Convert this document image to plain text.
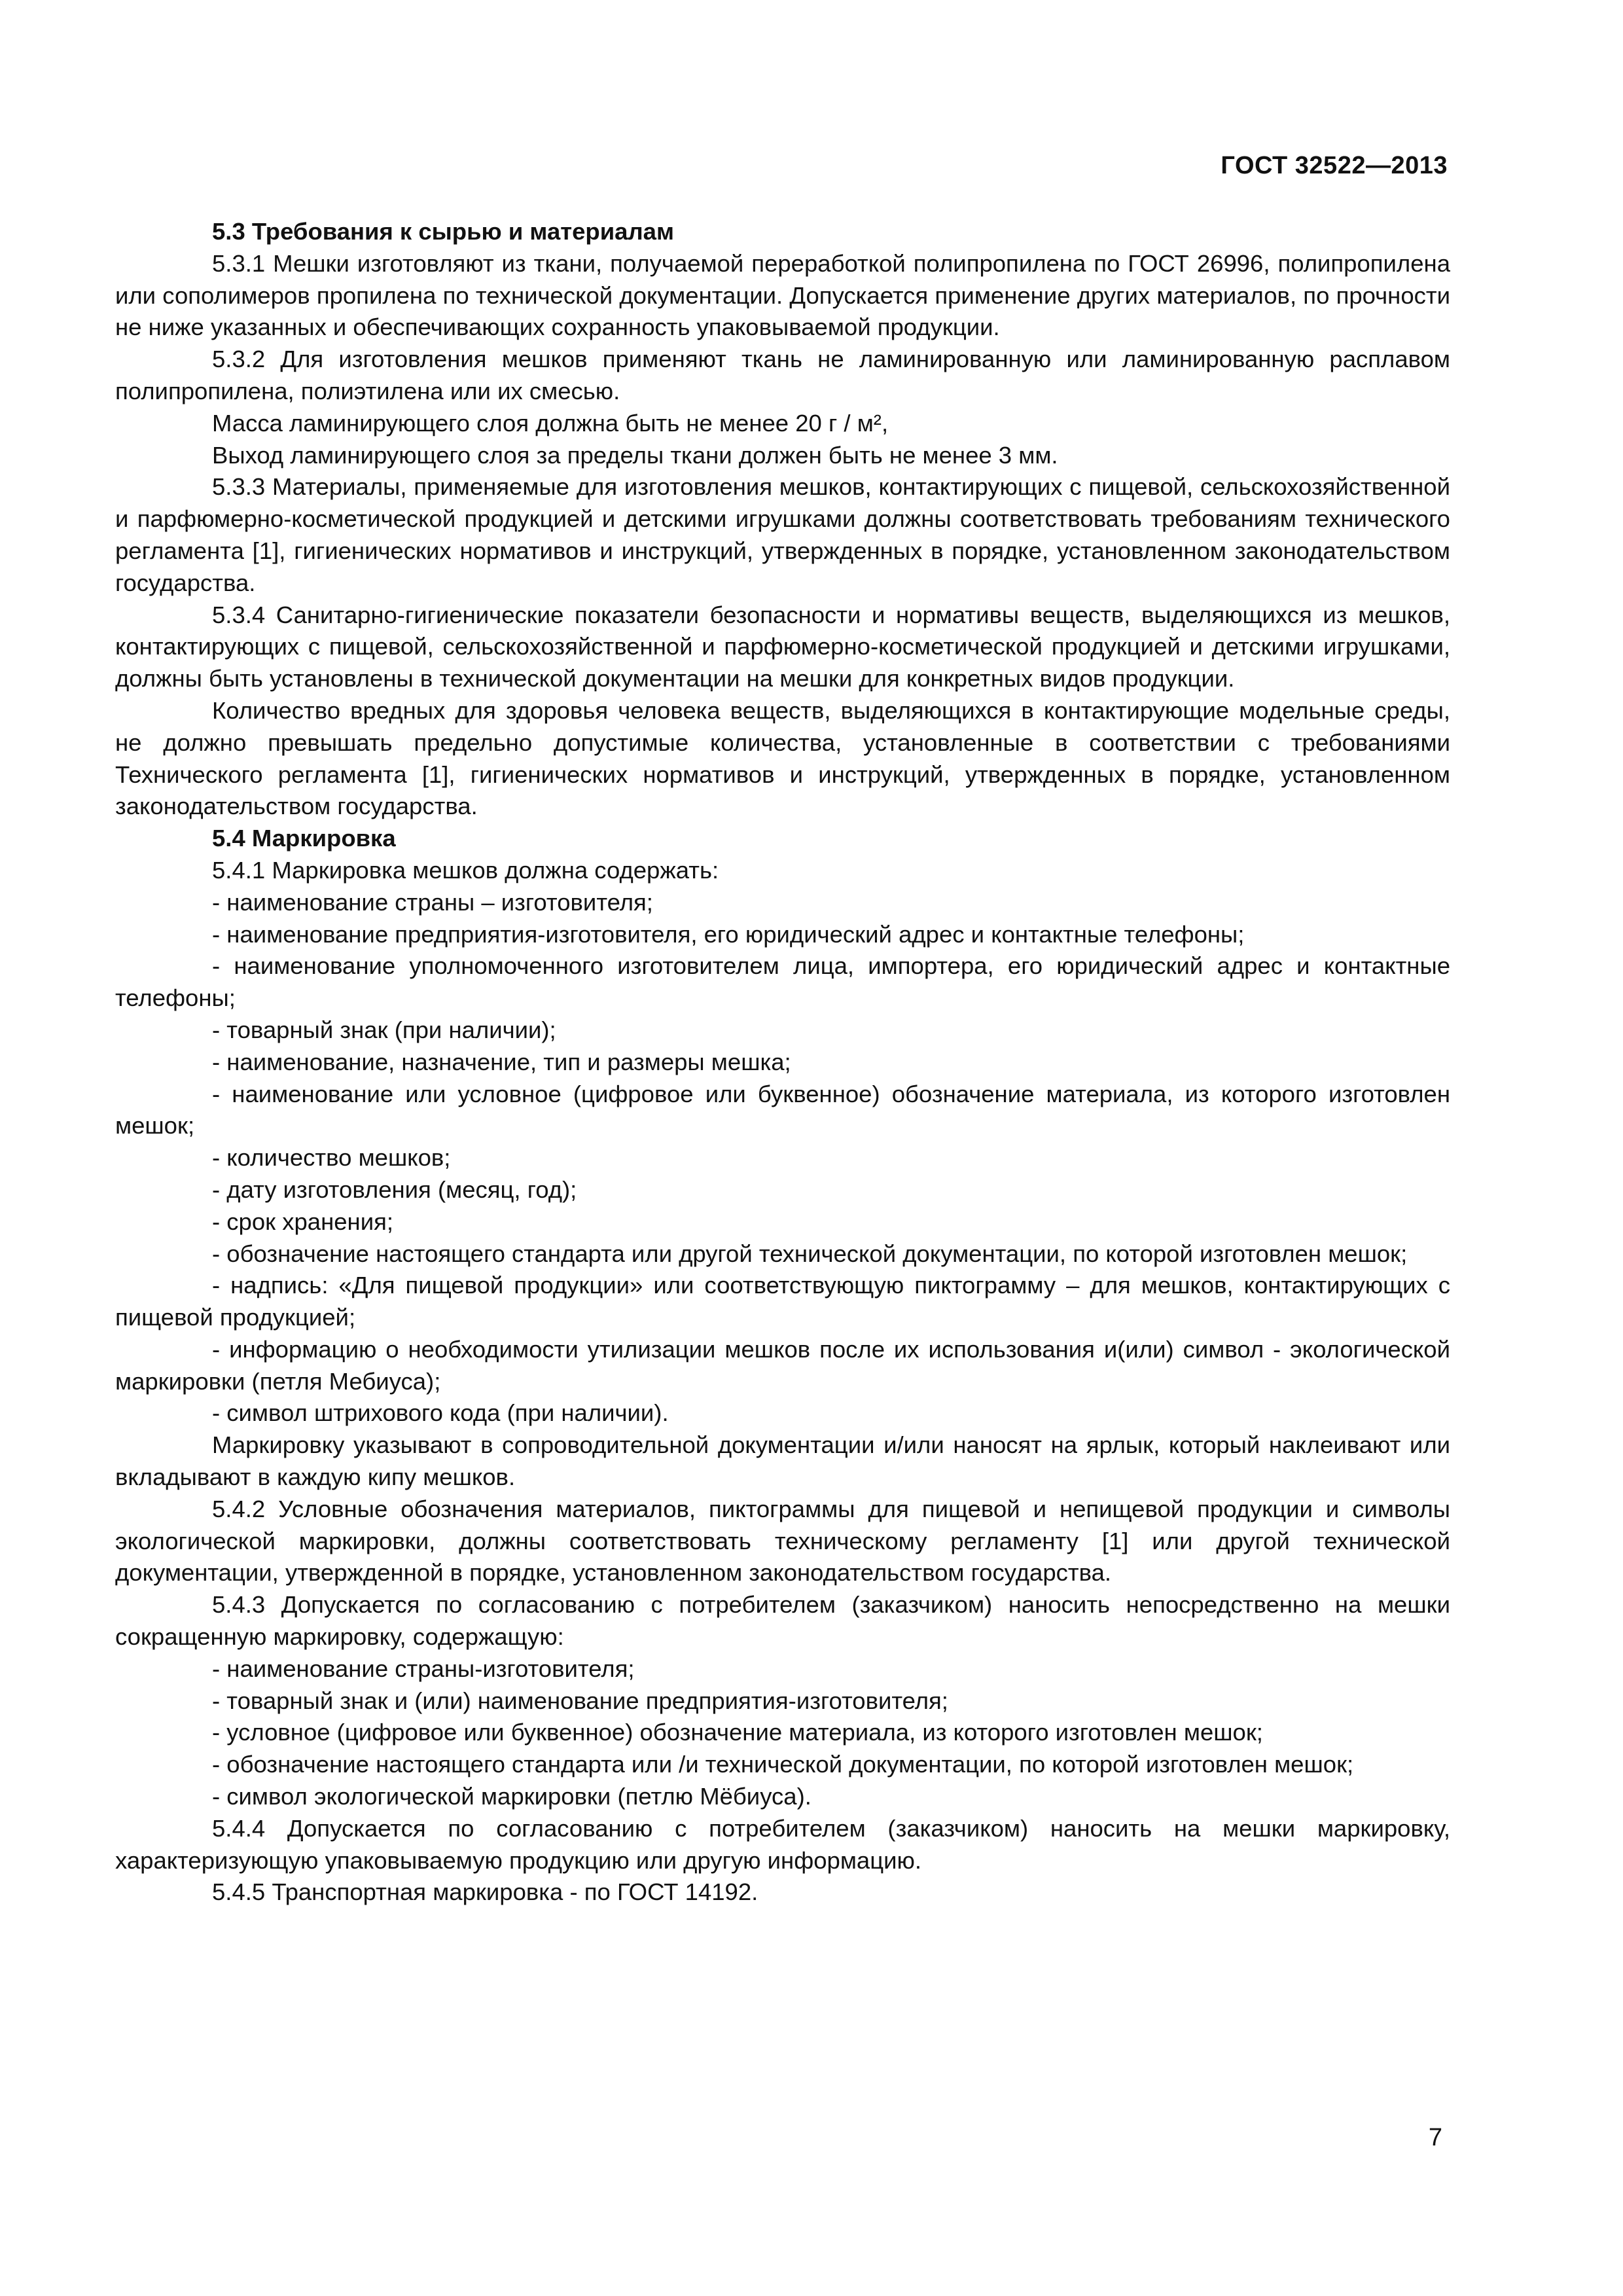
ГОСТ 32522—2013

5.3 Требования к сырью и материалам

5.3.1 Мешки изготовляют из ткани, получаемой переработкой полипропилена по ГОСТ 26996, полипропилена или сополимеров пропилена по технической документации. Допускается применение других материалов, по прочности не ниже указанных и обеспечивающих сохранность упаковываемой продукции.

5.3.2 Для изготовления мешков применяют ткань не ламинированную или ламинированную расплавом полипропилена, полиэтилена или их смесью.

Масса ламинирующего слоя должна быть не менее 20 г / м²,

Выход ламинирующего слоя за пределы ткани должен быть не менее 3 мм.

5.3.3 Материалы, применяемые для изготовления мешков, контактирующих с пищевой, сельскохозяйственной и парфюмерно-косметической продукцией и детскими игрушками должны соответствовать требованиям технического регламента [1], гигиенических нормативов и инструкций, утвержденных в порядке, установленном законодательством государства.

5.3.4 Санитарно-гигиенические показатели безопасности и нормативы веществ, выделяющихся из мешков, контактирующих с пищевой, сельскохозяйственной и парфюмерно-косметической продукцией и детскими игрушками, должны быть установлены в технической документации на мешки для конкретных видов продукции.

Количество вредных для здоровья человека веществ, выделяющихся в контактирующие модельные среды, не должно превышать предельно допустимые количества, установленные в соответствии с требованиями Технического регламента [1], гигиенических нормативов и инструкций, утвержденных в порядке, установленном законодательством государства.

5.4 Маркировка

5.4.1 Маркировка мешков должна содержать:

- наименование страны – изготовителя;

- наименование предприятия-изготовителя, его юридический адрес и контактные телефоны;

- наименование уполномоченного изготовителем лица, импортера, его юридический адрес и контактные телефоны;

- товарный знак (при наличии);

- наименование, назначение, тип и размеры мешка;

- наименование или условное (цифровое или буквенное) обозначение материала, из которого изготовлен мешок;

- количество мешков;

- дату изготовления (месяц, год);

- срок хранения;

- обозначение настоящего стандарта или другой технической документации, по которой изготовлен мешок;

- надпись: «Для пищевой продукции» или соответствующую пиктограмму – для мешков, контактирующих с пищевой продукцией;

- информацию о необходимости утилизации мешков после их использования и(или) символ - экологической маркировки (петля Мебиуса);

- символ штрихового кода (при наличии).

Маркировку указывают в сопроводительной документации и/или наносят на ярлык, который наклеивают или вкладывают в каждую кипу мешков.

5.4.2 Условные обозначения материалов, пиктограммы для пищевой и непищевой продукции и символы экологической маркировки, должны соответствовать техническому регламенту [1] или другой технической документации, утвержденной в порядке, установленном законодательством государства.

5.4.3 Допускается по согласованию с потребителем (заказчиком) наносить непосредственно на мешки сокращенную маркировку, содержащую:

- наименование страны-изготовителя;

- товарный знак и (или) наименование предприятия-изготовителя;

- условное (цифровое или буквенное) обозначение материала, из которого изготовлен мешок;

- обозначение настоящего стандарта или /и технической документации, по которой изготовлен мешок;

- символ экологической маркировки (петлю Мёбиуса).

5.4.4 Допускается по согласованию с потребителем (заказчиком) наносить на мешки маркировку, характеризующую упаковываемую продукцию или другую информацию.

5.4.5 Транспортная маркировка - по ГОСТ 14192.

7
